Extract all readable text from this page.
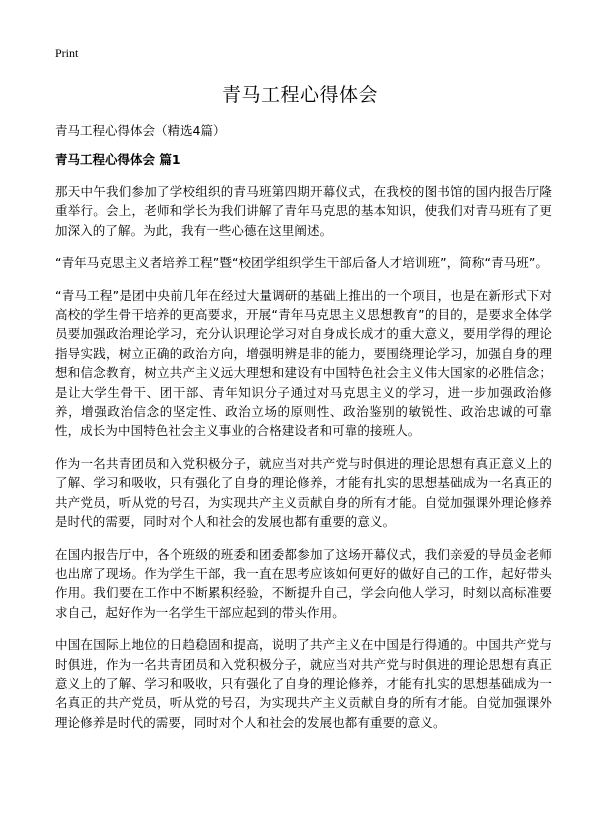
Print
青马工程心得体会

青马工程心得体会（精选4篇）

青马工程心得体会 篇1

那天中午我们参加了学校组织的青马班第四期开幕仪式，在我校的图书馆的国内报告厅隆重举行。会上，老师和学长为我们讲解了青年马克思的基本知识，使我们对青马班有了更加深入的了解。为此，我有一些心德在这里阐述。

“青年马克思主义者培养工程”暨“校团学组织学生干部后备人才培训班”，简称“青马班”。

“青马工程”是团中央前几年在经过大量调研的基础上推出的一个项目，也是在新形式下对高校的学生骨干培养的更高要求，开展“青年马克思主义思想教育”的目的，是要求全体学员要加强政治理论学习，充分认识理论学习对自身成长成才的重大意义，要用学得的理论指导实践，树立正确的政治方向，增强明辨是非的能力，要围绕理论学习，加强自身的理想和信念教育，树立共产主义远大理想和建设有中国特色社会主义伟大国家的必胜信念；是让大学生骨干、团干部、青年知识分子通过对马克思主义的学习，进一步加强政治修养，增强政治信念的坚定性、政治立场的原则性、政治鉴别的敏锐性、政治忠诚的可靠性，成长为中国特色社会主义事业的合格建设者和可靠的接班人。

作为一名共青团员和入党积极分子，就应当对共产党与时俱进的理论思想有真正意义上的了解、学习和吸收，只有强化了自身的理论修养，才能有扎实的思想基础成为一名真正的共产党员，听从党的号召，为实现共产主义贡献自身的所有才能。自觉加强课外理论修养是时代的需要，同时对个人和社会的发展也都有重要的意义。

在国内报告厅中，各个班级的班委和团委都参加了这场开幕仪式，我们亲爱的导员金老师也出席了现场。作为学生干部，我一直在思考应该如何更好的做好自己的工作，起好带头作用。我们要在工作中不断累积经验，不断提升自己，学会向他人学习，时刻以高标准要求自己，起好作为一名学生干部应起到的带头作用。

中国在国际上地位的日趋稳固和提高，说明了共产主义在中国是行得通的。中国共产党与时俱进，作为一名共青团员和入党积极分子，就应当对共产党与时俱进的理论思想有真正意义上的了解、学习和吸收，只有强化了自身的理论修养，才能有扎实的思想基础成为一名真正的共产党员，听从党的号召，为实现共产主义贡献自身的所有才能。自觉加强课外理论修养是时代的需要，同时对个人和社会的发展也都有重要的意义。
